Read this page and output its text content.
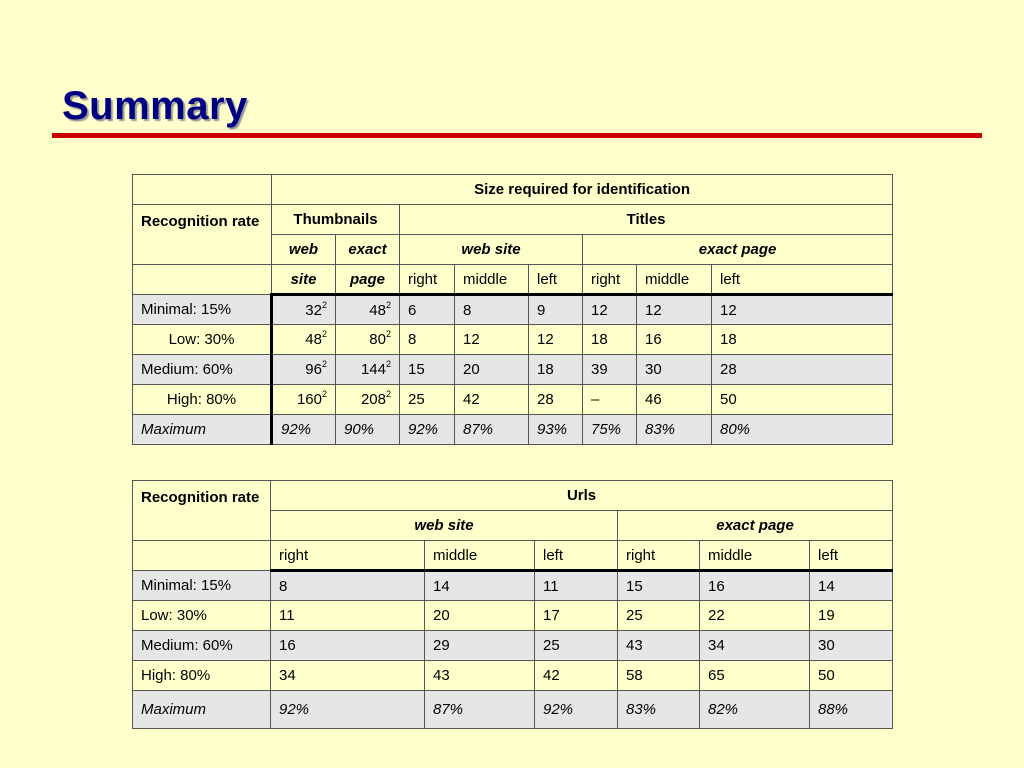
Summary
	Size required for identification							
Recognition rate	Thumbnails		Titles					
	web	exact	web site			exact page		
	site	page	right	middle	left	right	middle	left
Minimal: 15%	$32^2$	$48^2$	6	8	9	12	12	12
Low: 30%	$48^2$	$80^2$	8	12	12	18	16	18
Medium: 60%	$96^2$	$144^2$	15	20	18	39	30	28
High: 80%	$160^2$	$208^2$	25	42	28	–	46	50
Maximum	92%	90%	92%	87%	93%	75%	83%	80%
Recognition rate	Urls					
	web site			exact page		
	right	middle	left	right	middle	left
Minimal: 15%	8	14	11	15	16	14
Low: 30%	11	20	17	25	22	19
Medium: 60%	16	29	25	43	34	30
High: 80%	34	43	42	58	65	50
Maximum	92%	87%	92%	83%	82%	88%
